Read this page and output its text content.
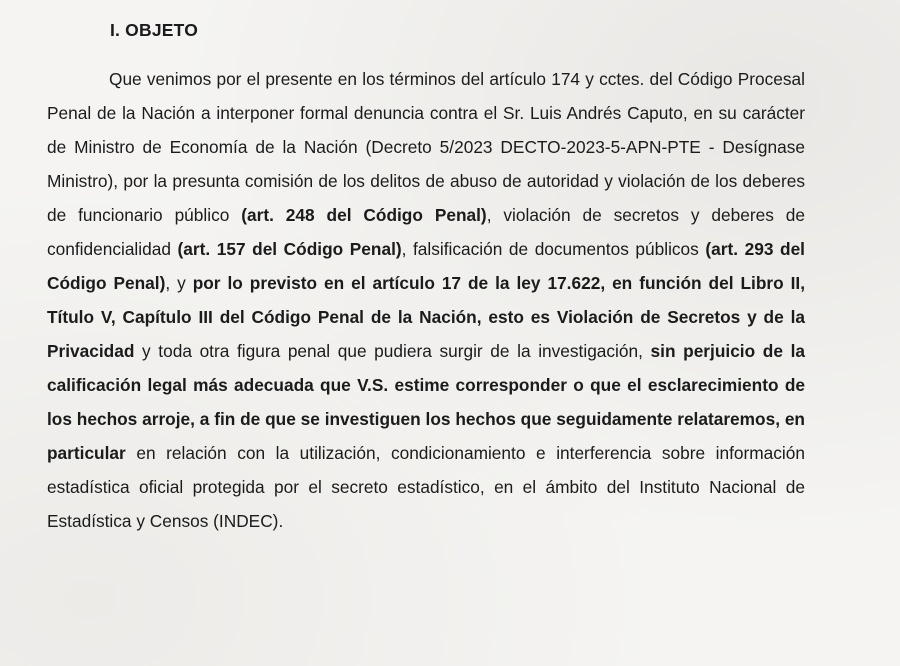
I. OBJETO

Que venimos por el presente en los términos del artículo 174 y cctes. del Código Procesal Penal de la Nación a interponer formal denuncia contra el Sr. Luis Andrés Caputo, en su carácter de Ministro de Economía de la Nación (Decreto 5/2023 DECTO-2023-5-APN-PTE - Desígnase Ministro), por la presunta comisión de los delitos de abuso de autoridad y violación de los deberes de funcionario público (art. 248 del Código Penal), violación de secretos y deberes de confidencialidad (art. 157 del Código Penal), falsificación de documentos públicos (art. 293 del Código Penal), y por lo previsto en el artículo 17 de la ley 17.622, en función del Libro II, Título V, Capítulo III del Código Penal de la Nación, esto es Violación de Secretos y de la Privacidad y toda otra figura penal que pudiera surgir de la investigación, sin perjuicio de la calificación legal más adecuada que V.S. estime corresponder o que el esclarecimiento de los hechos arroje, a fin de que se investiguen los hechos que seguidamente relataremos, en particular en relación con la utilización, condicionamiento e interferencia sobre información estadística oficial protegida por el secreto estadístico, en el ámbito del Instituto Nacional de Estadística y Censos (INDEC).
